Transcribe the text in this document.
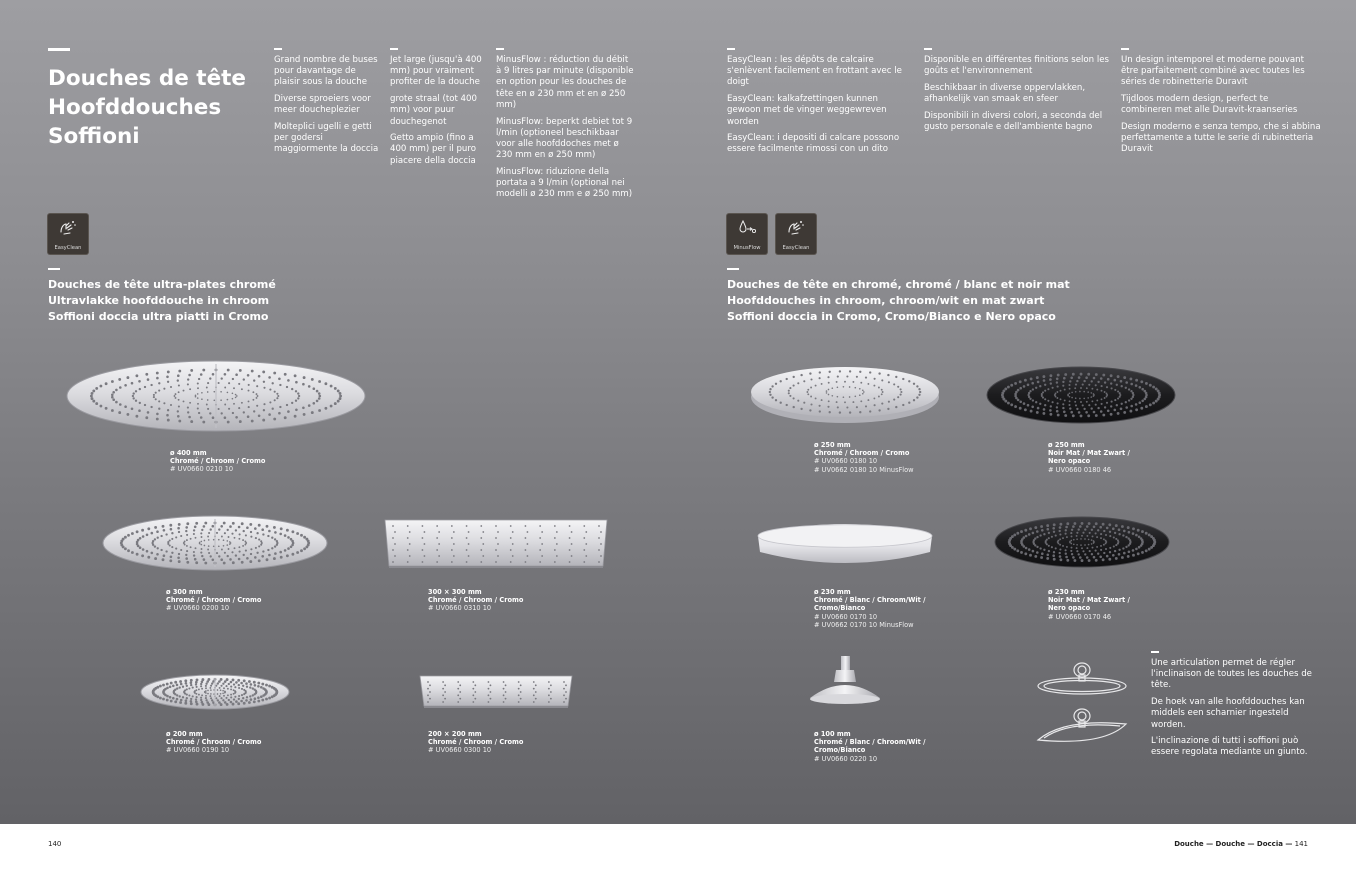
Douches de tête
Hoofddouches
Soffioni

Grand nombre de buses pour davantage de plaisir sous la douche

Diverse sproeiers voor meer doucheplezier

Molteplici ugelli e getti per godersi maggiormente la doccia

Jet large (jusqu'à 400 mm) pour vraiment profiter de la douche

grote straal (tot 400 mm) voor puur douchegenot

Getto ampio (fino a 400 mm) per il puro piacere della doccia

MinusFlow : réduction du débit à 9 litres par minute (disponible en option pour les douches de tête en ø 230 mm et en ø 250 mm)

MinusFlow: beperkt debiet tot 9 l/min (optioneel beschikbaar voor alle hoofddoches met ø 230 mm en ø 250 mm)

MinusFlow: riduzione della portata a 9 l/min (optional nei modelli ø 230 mm e ø 250 mm)

EasyClean : les dépôts de calcaire s'enlèvent facilement en frottant avec le doigt

EasyClean: kalkafzettingen kunnen gewoon met de vinger weggewreven worden

EasyClean: i depositi di calcare possono essere facilmente rimossi con un dito

Disponible en différentes finitions selon les goûts et l'environnement

Beschikbaar in diverse oppervlakken, afhankelijk van smaak en sfeer

Disponibili in diversi colori, a seconda del gusto personale e dell'ambiente bagno

Un design intemporel et moderne pouvant être parfaitement combiné avec toutes les séries de robinetterie Duravit

Tijdloos modern design, perfect te combineren met alle Duravit-kraanseries

Design moderno e senza tempo, che si abbina perfettamente a tutte le serie di rubinetteria Duravit

EasyClean	MinusFlow	EasyClean
Douches de tête ultra-plates chromé
Ultravlakke hoofddouche in chroom
Soffioni doccia ultra piatti in Cromo
Douches de tête en chromé, chromé / blanc et noir mat
Hoofddouches in chroom, chroom/wit en mat zwart
Soffioni doccia in Cromo, Cromo/Bianco e Nero opaco
ø 400 mm
Chromé / Chroom / Cromo
# UV0660 0210 10
ø 300 mm
Chromé / Chroom / Cromo
# UV0660 0200 10
300 × 300 mm
Chromé / Chroom / Cromo
# UV0660 0310 10
ø 200 mm
Chromé / Chroom / Cromo
# UV0660 0190 10
200 × 200 mm
Chromé / Chroom / Cromo
# UV0660 0300 10
ø 250 mm
Chromé / Chroom / Cromo
# UV0660 0180 10
# UV0662 0180 10 MinusFlow
ø 250 mm
Noir Mat / Mat Zwart /
Nero opaco
# UV0660 0180 46
ø 230 mm
Chromé / Blanc / Chroom/Wit /
Cromo/Bianco
# UV0660 0170 10
# UV0662 0170 10 MinusFlow
ø 230 mm
Noir Mat / Mat Zwart /
Nero opaco
# UV0660 0170 46
ø 100 mm
Chromé / Blanc / Chroom/Wit /
Cromo/Bianco
# UV0660 0220 10

Une articulation permet de régler l'inclinaison de toutes les douches de tête.

De hoek van alle hoofddouches kan middels een scharnier ingesteld worden.

L'inclinazione di tutti i soffioni può essere regolata mediante un giunto.

140	Douche — Douche — Doccia — 141
